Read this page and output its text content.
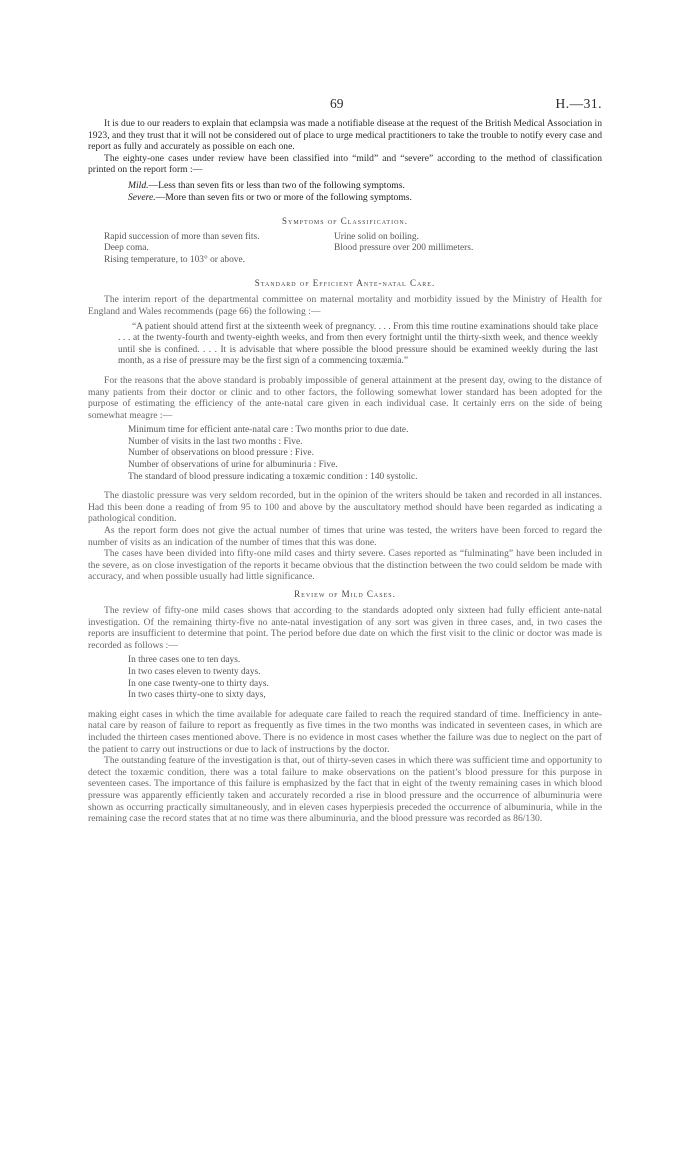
69	H.—31.

It is due to our readers to explain that eclampsia was made a notifiable disease at the request of the British Medical Association in 1923, and they trust that it will not be considered out of place to urge medical practitioners to take the trouble to notify every case and report as fully and accurately as possible on each one.

The eighty-one cases under review have been classified into “mild” and “severe” according to the method of classification printed on the report form :—

Mild.—Less than seven fits or less than two of the following symptoms.
Severe.—More than seven fits or two or more of the following symptoms.
Symptoms of Classification.
Rapid succession of more than seven fits.
Deep coma.
Rising temperature, to 103° or above.
Urine solid on boiling.
Blood pressure over 200 millimeters.
Standard of Efficient Ante-natal Care.

The interim report of the departmental committee on maternal mortality and morbidity issued by the Ministry of Health for England and Wales recommends (page 66) the following :—

“A patient should attend first at the sixteenth week of pregnancy. . . . From this time routine examinations should take place . . . at the twenty-fourth and twenty-eighth weeks, and from then every fortnight until the thirty-sixth week, and thence weekly until she is confined. . . . It is advisable that where possible the blood pressure should be examined weekly during the last month, as a rise of pressure may be the first sign of a commencing toxæmia.”

For the reasons that the above standard is probably impossible of general attainment at the present day, owing to the distance of many patients from their doctor or clinic and to other factors, the following somewhat lower standard has been adopted for the purpose of estimating the efficiency of the ante-natal care given in each individual case. It certainly errs on the side of being somewhat meagre :—

Minimum time for efficient ante-natal care : Two months prior to due date.
Number of visits in the last two months : Five.
Number of observations on blood pressure : Five.
Number of observations of urine for albuminuria : Five.
The standard of blood pressure indicating a toxæmic condition : 140 systolic.

The diastolic pressure was very seldom recorded, but in the opinion of the writers should be taken and recorded in all instances. Had this been done a reading of from 95 to 100 and above by the auscultatory method should have been regarded as indicating a pathological condition.

As the report form does not give the actual number of times that urine was tested, the writers have been forced to regard the number of visits as an indication of the number of times that this was done.

The cases have been divided into fifty-one mild cases and thirty severe. Cases reported as “fulminating” have been included in the severe, as on close investigation of the reports it became obvious that the distinction between the two could seldom be made with accuracy, and when possible usually had little significance.

Review of Mild Cases.

The review of fifty-one mild cases shows that according to the standards adopted only sixteen had fully efficient ante-natal investigation. Of the remaining thirty-five no ante-natal investigation of any sort was given in three cases, and, in two cases the reports are insufficient to determine that point. The period before due date on which the first visit to the clinic or doctor was made is recorded as follows :—

In three cases one to ten days.
In two cases eleven to twenty days.
In one case twenty-one to thirty days.
In two cases thirty-one to sixty days,

making eight cases in which the time available for adequate care failed to reach the required standard of time. Inefficiency in ante-natal care by reason of failure to report as frequently as five times in the two months was indicated in seventeen cases, in which are included the thirteen cases mentioned above. There is no evidence in most cases whether the failure was due to neglect on the part of the patient to carry out instructions or due to lack of instructions by the doctor.

The outstanding feature of the investigation is that, out of thirty-seven cases in which there was sufficient time and opportunity to detect the toxæmic condition, there was a total failure to make observations on the patient’s blood pressure for this purpose in seventeen cases. The importance of this failure is emphasized by the fact that in eight of the twenty remaining cases in which blood pressure was apparently efficiently taken and accurately recorded a rise in blood pressure and the occurrence of albuminuria were shown as occurring practically simultaneously, and in eleven cases hyperpiesis preceded the occurrence of albuminuria, while in the remaining case the record states that at no time was there albuminuria, and the blood pressure was recorded as 86/130.
